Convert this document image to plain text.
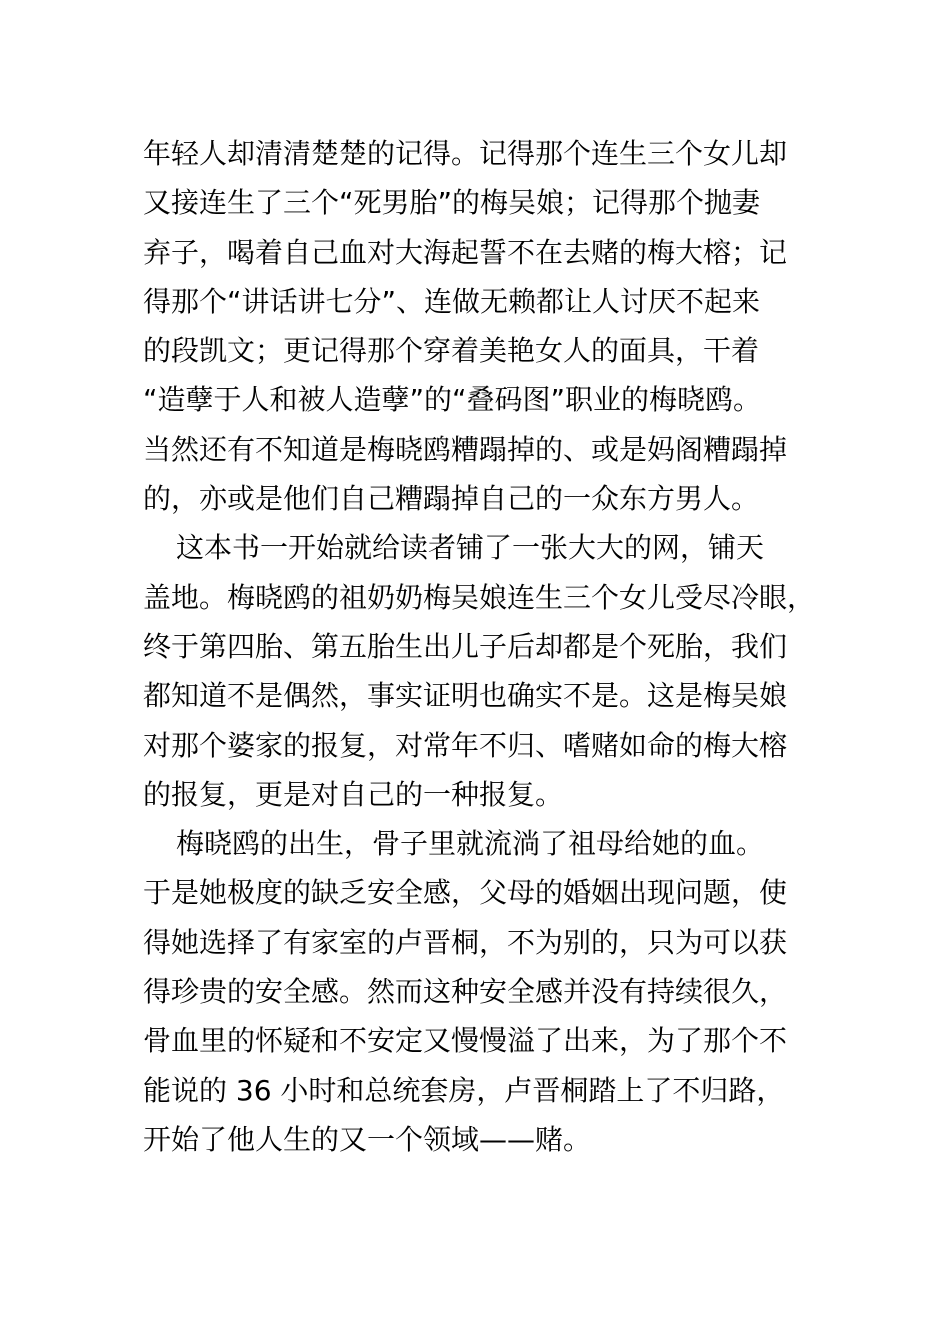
年轻人却清清楚楚的记得。记得那个连生三个女儿却
又接连生了三个“死男胎”的梅吴娘；记得那个抛妻
弃子，喝着自己血对大海起誓不在去赌的梅大榕；记
得那个“讲话讲七分”、连做无赖都让人讨厌不起来
的段凯文；更记得那个穿着美艳女人的面具，干着
“造孽于人和被人造孽”的“叠码图”职业的梅晓鸥。
当然还有不知道是梅晓鸥糟蹋掉的、或是妈阁糟蹋掉
的，亦或是他们自己糟蹋掉自己的一众东方男人。
这本书一开始就给读者铺了一张大大的网，铺天
盖地。梅晓鸥的祖奶奶梅吴娘连生三个女儿受尽冷眼，
终于第四胎、第五胎生出儿子后却都是个死胎，我们
都知道不是偶然，事实证明也确实不是。这是梅吴娘
对那个婆家的报复，对常年不归、嗜赌如命的梅大榕
的报复，更是对自己的一种报复。
梅晓鸥的出生，骨子里就流淌了祖母给她的血。
于是她极度的缺乏安全感，父母的婚姻出现问题，使
得她选择了有家室的卢晋桐，不为别的，只为可以获
得珍贵的安全感。然而这种安全感并没有持续很久，
骨血里的怀疑和不安定又慢慢溢了出来，为了那个不
能说的 36 小时和总统套房，卢晋桐踏上了不归路，
开始了他人生的又一个领域——赌。
